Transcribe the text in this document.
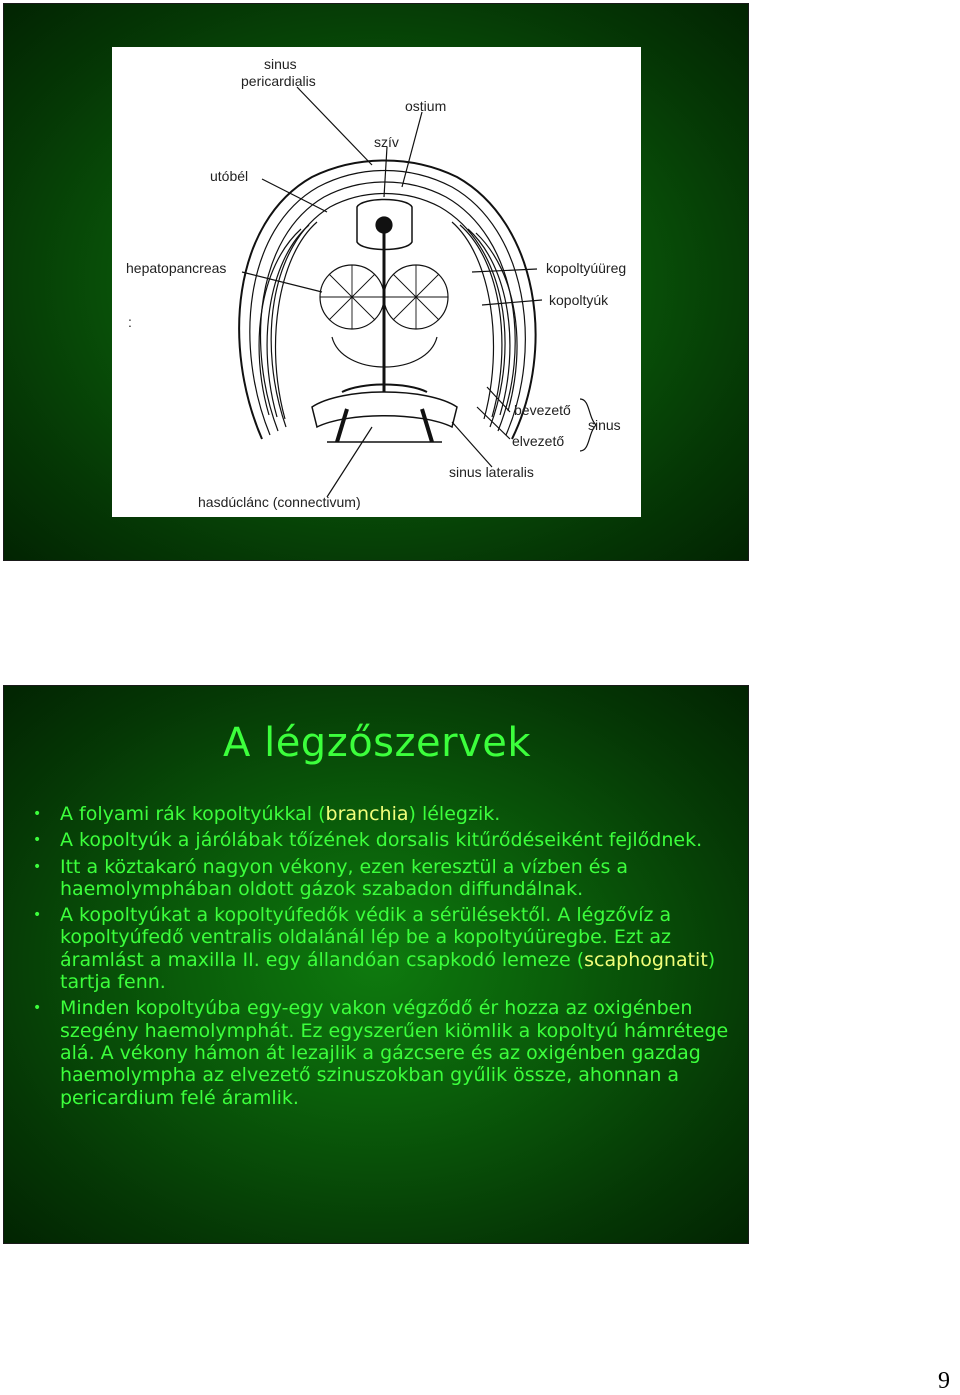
sinus
pericardialis
ostium
szív
utóbél
hepatopancreas	kopoltyúüreg
kopoltyúk
:
bevezető
elvezető
sinus
sinus lateralis
hasdúclánc (connectivum)
A légzőszervek
• A folyami rák kopoltyúkkal (branchia) lélegzik.
• A kopoltyúk a járólábak tőízének dorsalis kitűrődéseiként fejlődnek.
• Itt a köztakaró nagyon vékony, ezen keresztül a vízben és a haemolymphában oldott gázok szabadon diffundálnak.
• A kopoltyúkat a kopoltyúfedők védik a sérülésektől. A légzővíz a kopoltyúfedő ventralis oldalánál lép be a kopoltyúüregbe. Ezt az áramlást a maxilla II. egy állandóan csapkodó lemeze (scaphognatit) tartja fenn.
• Minden kopoltyúba egy-egy vakon végződő ér hozza az oxigénben szegény haemolymphát. Ez egyszerűen kiömlik a kopoltyú hámrétege alá. A vékony hámon át lezajlik a gázcsere és az oxigénben gazdag haemolympha az elvezető szinuszokban gyűlik össze, ahonnan a pericardium felé áramlik.
9
